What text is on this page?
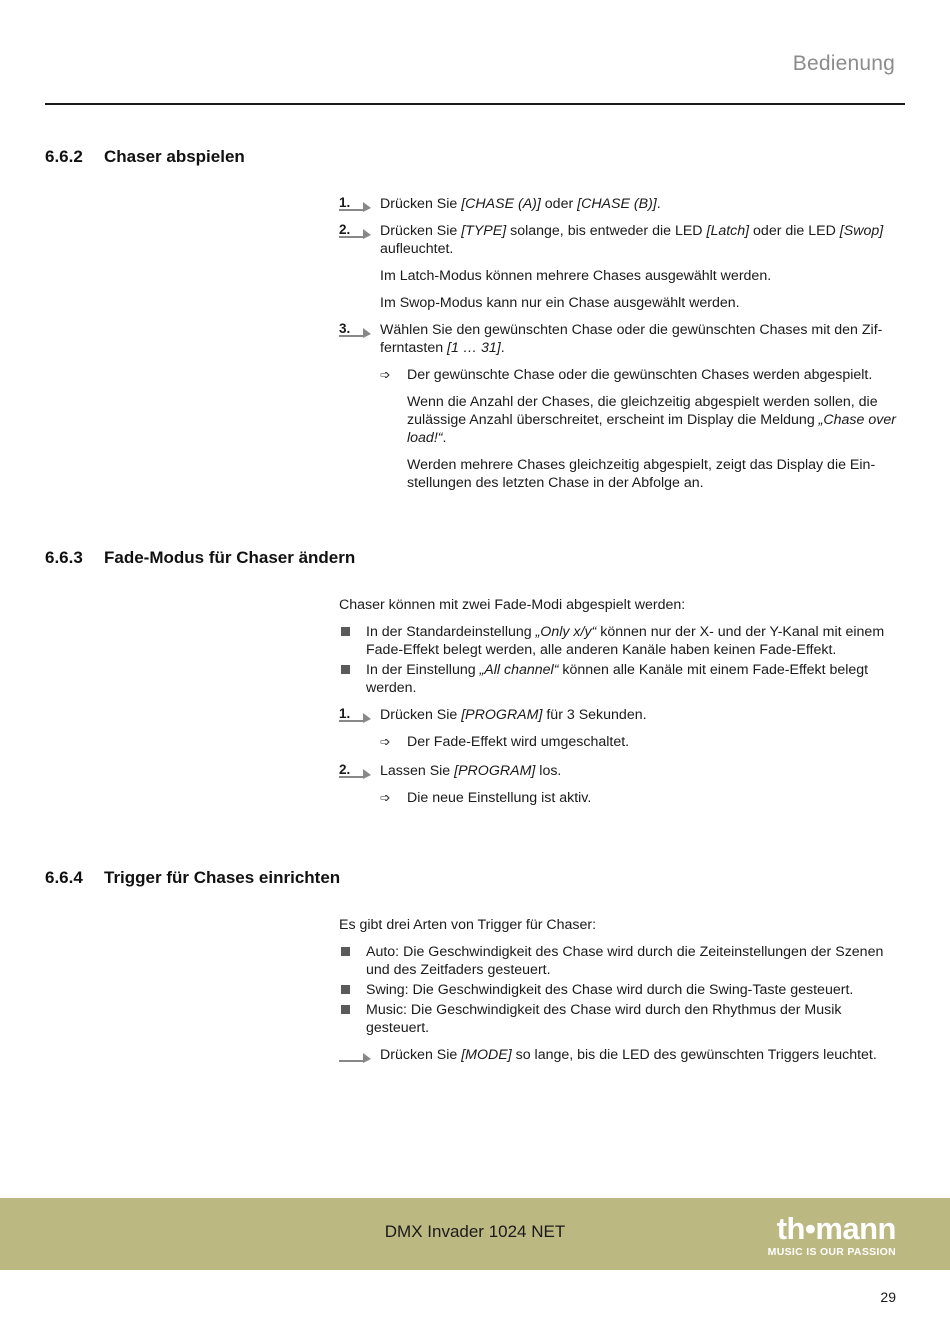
Bedienung
6.6.2 Chaser abspielen
1. Drücken Sie [CHASE (A)] oder [CHASE (B)].
2. Drücken Sie [TYPE] solange, bis entweder die LED [Latch] oder die LED [Swop] aufleuchtet.
Im Latch-Modus können mehrere Chases ausgewählt werden.
Im Swop-Modus kann nur ein Chase ausgewählt werden.
3. Wählen Sie den gewünschten Chase oder die gewünschten Chases mit den Zifferntasten [1 … 31].
➩ Der gewünschte Chase oder die gewünschten Chases werden abgespielt.
Wenn die Anzahl der Chases, die gleichzeitig abgespielt werden sollen, die zulässige Anzahl überschreitet, erscheint im Display die Meldung „Chase over load!“.
Werden mehrere Chases gleichzeitig abgespielt, zeigt das Display die Einstellungen des letzten Chase in der Abfolge an.
6.6.3 Fade-Modus für Chaser ändern
Chaser können mit zwei Fade-Modi abgespielt werden:
In der Standardeinstellung „Only x/y“ können nur der X- und der Y-Kanal mit einem Fade-Effekt belegt werden, alle anderen Kanäle haben keinen Fade-Effekt.
In der Einstellung „All channel“ können alle Kanäle mit einem Fade-Effekt belegt werden.
1. Drücken Sie [PROGRAM] für 3 Sekunden.
➩ Der Fade-Effekt wird umgeschaltet.
2. Lassen Sie [PROGRAM] los.
➩ Die neue Einstellung ist aktiv.
6.6.4 Trigger für Chases einrichten
Es gibt drei Arten von Trigger für Chaser:
Auto: Die Geschwindigkeit des Chase wird durch die Zeiteinstellungen der Szenen und des Zeitfaders gesteuert.
Swing: Die Geschwindigkeit des Chase wird durch die Swing-Taste gesteuert.
Music: Die Geschwindigkeit des Chase wird durch den Rhythmus der Musik gesteuert.
Drücken Sie [MODE] so lange, bis die LED des gewünschten Triggers leuchtet.
DMX Invader 1024 NET	th•mann
MUSIC IS OUR PASSION
29
